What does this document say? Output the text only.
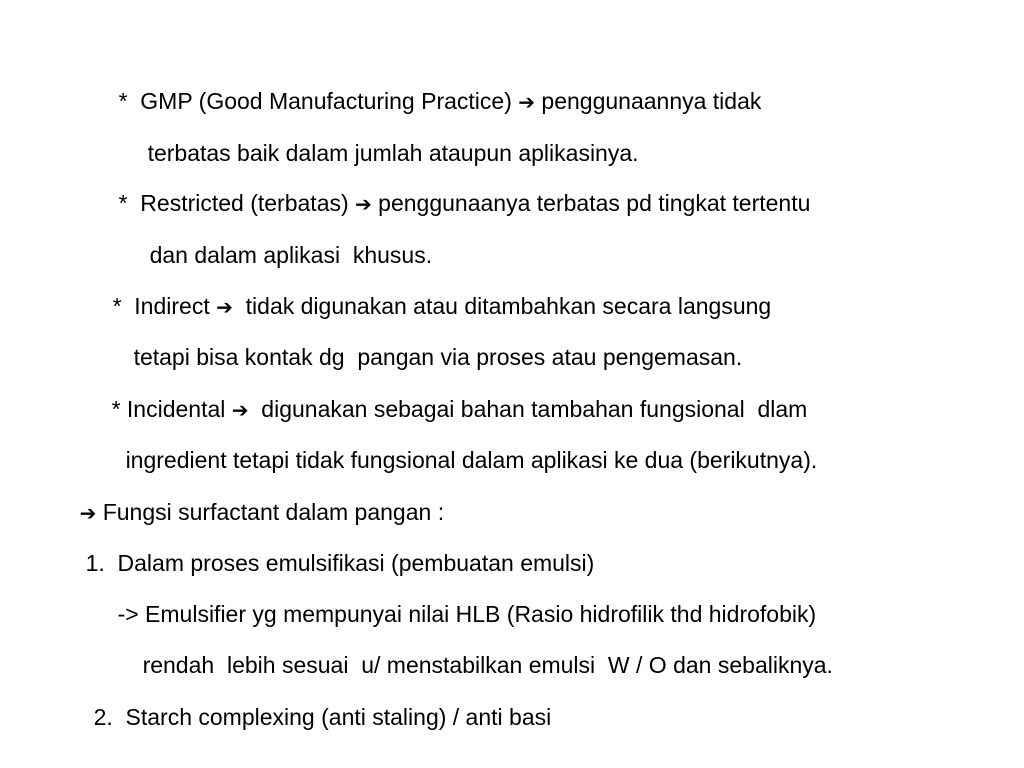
*  GMP (Good Manufacturing Practice) ➔ penggunaannya tidak

terbatas baik dalam jumlah ataupun aplikasinya.

*  Restricted (terbatas) ➔ penggunaanya terbatas pd tingkat tertentu

dan dalam aplikasi  khusus.

*  Indirect ➔  tidak digunakan atau ditambahkan secara langsung

tetapi bisa kontak dg  pangan via proses atau pengemasan.

* Incidental ➔  digunakan sebagai bahan tambahan fungsional  dlam

ingredient tetapi tidak fungsional dalam aplikasi ke dua (berikutnya).

➔ Fungsi surfactant dalam pangan :

1.  Dalam proses emulsifikasi (pembuatan emulsi)

-> Emulsifier yg mempunyai nilai HLB (Rasio hidrofilik thd hidrofobik)

rendah  lebih sesuai  u/ menstabilkan emulsi  W / O dan sebaliknya.

2.  Starch complexing (anti staling) / anti basi
